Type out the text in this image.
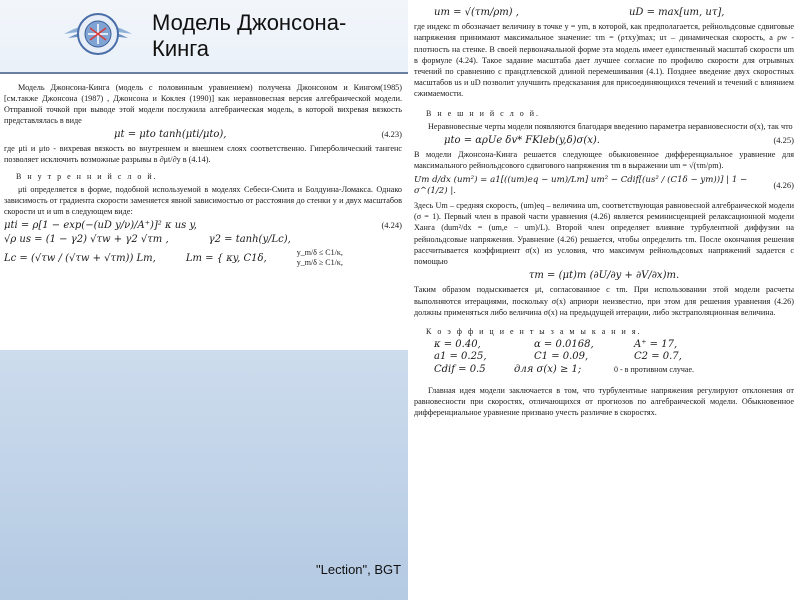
Модель Джонсона-Кинга
"Lection", BGT

Модель Джонсона-Кинга (модель с половинным уравнением) получена Джонсоном и Кингом(1985) [см.также Джонсона (1987) , Джонсона и Коклея (1990)] как неравновесная версия алгебраической модели. Отправной точкой при выводе этой модели послужила алгебраическая модель, в которой вихревая вязкость представлялась в виде

μt = μto tanh(μti/μto),	(4.23)

где μti и μto - вихревая вязкость во внутреннем и внешнем слоях соответственно. Гиперболический тангенс позволяет исключить возможные разрывы в ∂μt/∂y в (4.14).

В н у т р е н н и й с л о й.

μti определяется в форме, подобной используемой в моделях Себеси-Смита и Болдуина-Ломакса. Однако зависимость от градиента скорости заменяется явной зависимостью от расстояния до стенки y и двух масштабов скорости uτ и um в следующем виде:

μti = ρ[1 − exp(−(uD y/ν)/A⁺)]² κ us y,	(4.24)
√ρ us = (1 − γ2) √τw + γ2 √τm ,	γ2 = tanh(y/Lc),
Lc = (√τw / (√τw + √τm)) Lm,	Lm = { κy, C1δ,	y_m/δ ≤ C1/κ,
y_m/δ ≥ C1/κ,
um = √(τm/ρm) ,	uD = max[um, uτ],

где индекс m обозначает величину в точке y = ym, в которой, как предполагается, рейнольдсовые сдвиговые напряжения принимают максимальное значение: τm = (ρτxy)max; uτ – динамическая скорость, а ρw - плотность на стенке. В своей первоначальной форме эта модель имеет единственный масштаб скорости um в формуле (4.24). Такое задание масштаба дает лучшее согласие по профилю скорости для отрывных течений по сравнению с прандтлевской длиной перемешивания (4.1). Позднее введение двух скоростных масштабов us и uD позволит улучшить предсказания для присоединяющихся течений и течений с влиянием сжимаемости.

В н е ш н и й с л о й.

Неравновесные черты модели появляются благодаря введению параметра неравновесности σ(x), так что

μto = αρUe δv* FKleb(y,δ)σ(x).	(4.25)

В модели Джонсона-Кинга решается следующее обыкновенное дифференциальное уравнение для максимального рейнольдсового сдвигового напряжения τm в выражении um = √(τm/ρm).

Um d/dx (um²) = a1[((um)eq − um)/Lm] um² − Cdif[(us² / (C1δ − ym))] | 1 − σ^(1/2) |.
(4.26)

Здесь Um – средняя скорость, (um)eq – величина um, соответствующая равновесной алгебраической модели (σ = 1). Первый член в правой части уравнения (4.26) является реминисценцией релаксационной модели Ханга (dum²/dx = (um,e − um)/L). Второй член определяет влияние турбулентной диффузии на рейнольдсовые напряжения. Уравнение (4.26) решается, чтобы определить τm. После окончания решения рассчитывается коэффициент σ(x) из условия, что максимум рейнольдсовых напряжений задается с помощью

τm = (μt)m (∂U/∂y + ∂V/∂x)m.

Таким образом подыскивается μt, согласованное с τm. При использовании этой модели расчеты выполняются итерациями, поскольку σ(x) априори неизвестно, при этом для решения уравнения (4.26) должны применяться либо величина σ(x) на предыдущей итерации, либо экстраполяционная величина.

К о э ф ф и ц и е н т ы з а м ы к а н и я.
κ = 0.40,	α = 0.0168,	A⁺ = 17,
a1 = 0.25,	C1 = 0.09,	C2 = 0.7,
Cdif = 0.5	для σ(x) ≥ 1;	0 - в противном случае.

Главная идея модели заключается в том, что турбулентные напряжения регулируют отклонения от равновесности при скоростях, отличающихся от прогнозов по алгебраической модели. Обыкновенное дифференциальное уравнение призвано учесть различие в скоростях.
